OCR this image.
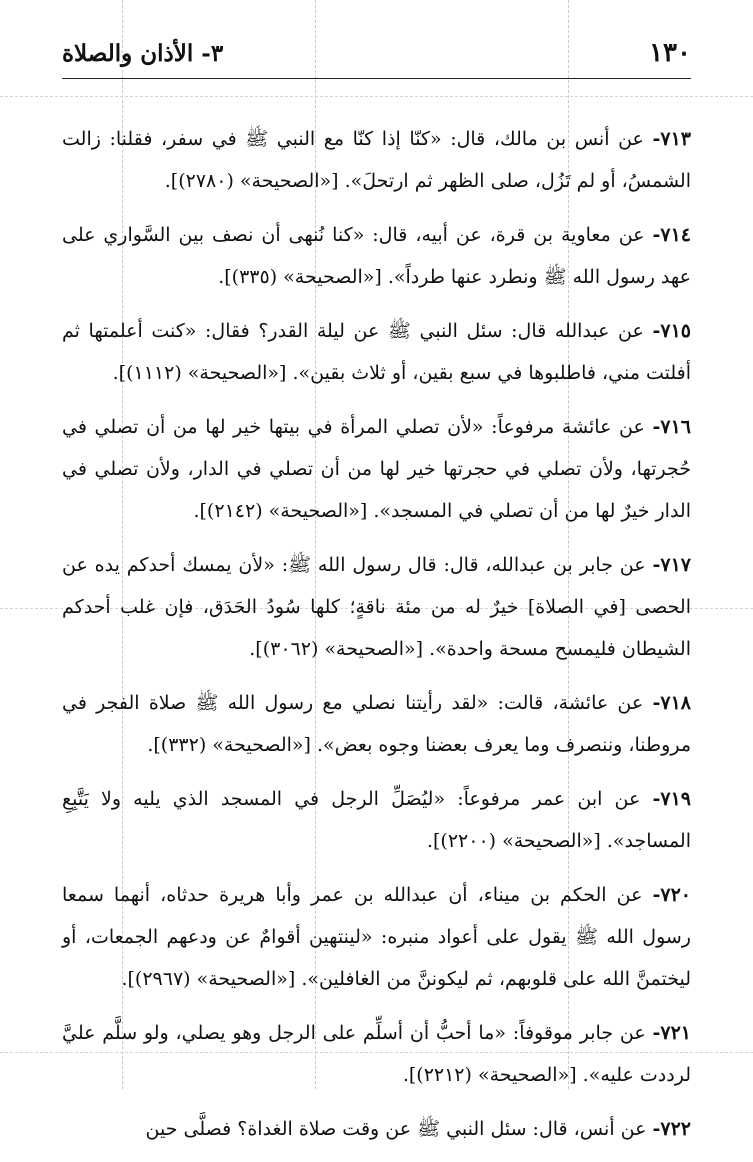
١٣٠
٣- الأذان والصلاة

٧١٣- عن أنس بن مالك، قال: «كنّا إذا كنّا مع النبي ﷺ في سفر، فقلنا: زالت الشمسُ، أو لم تَزُل، صلى الظهر ثم ارتحلَ». [«الصحيحة» (٢٧٨٠)].

٧١٤- عن معاوية بن قرة، عن أبيه، قال: «كنا نُنهى أن نصف بين السَّواري على عهد رسول الله ﷺ ونطرد عنها طرداً». [«الصحيحة» (٣٣٥)].

٧١٥- عن عبدالله قال: سئل النبي ﷺ عن ليلة القدر؟ فقال: «كنت أعلمتها ثم أفلتت مني، فاطلبوها في سبع بقين، أو ثلاث بقين». [«الصحيحة» (١١١٢)].

٧١٦- عن عائشة مرفوعاً: «لأن تصلي المرأة في بيتها خير لها من أن تصلي في حُجرتها، ولأن تصلي في حجرتها خير لها من أن تصلي في الدار، ولأن تصلي في الدار خيرٌ لها من أن تصلي في المسجد». [«الصحيحة» (٢١٤٢)].

٧١٧- عن جابر بن عبدالله، قال: قال رسول الله ﷺ: «لأن يمسك أحدكم يده عن الحصى [في الصلاة] خيرٌ له من مئة ناقةٍ؛ كلها سُودُ الحَدَق، فإن غلب أحدكم الشيطان فليمسح مسحة واحدة». [«الصحيحة» (٣٠٦٢)].

٧١٨- عن عائشة، قالت: «لقد رأيتنا نصلي مع رسول الله ﷺ صلاة الفجر في مروطنا، وننصرف وما يعرف بعضنا وجوه بعض». [«الصحيحة» (٣٣٢)].

٧١٩- عن ابن عمر مرفوعاً: «ليُصَلِّ الرجل في المسجد الذي يليه ولا يَتَّبِعِ المساجد». [«الصحيحة» (٢٢٠٠)].

٧٢٠- عن الحكم بن ميناء، أن عبدالله بن عمر وأبا هريرة حدثاه، أنهما سمعا رسول الله ﷺ يقول على أعواد منبره: «لينتهين أقوامٌ عن ودعهم الجمعات، أو ليختمنَّ الله على قلوبهم، ثم ليكوننَّ من الغافلين». [«الصحيحة» (٢٩٦٧)].

٧٢١- عن جابر موقوفاً: «ما أحبُّ أن أسلِّم على الرجل وهو يصلي، ولو سلَّم عليَّ لرددت عليه». [«الصحيحة» (٢٢١٢)].

٧٢٢- عن أنس، قال: سئل النبي ﷺ عن وقت صلاة الغداة؟ فصلَّى حين
